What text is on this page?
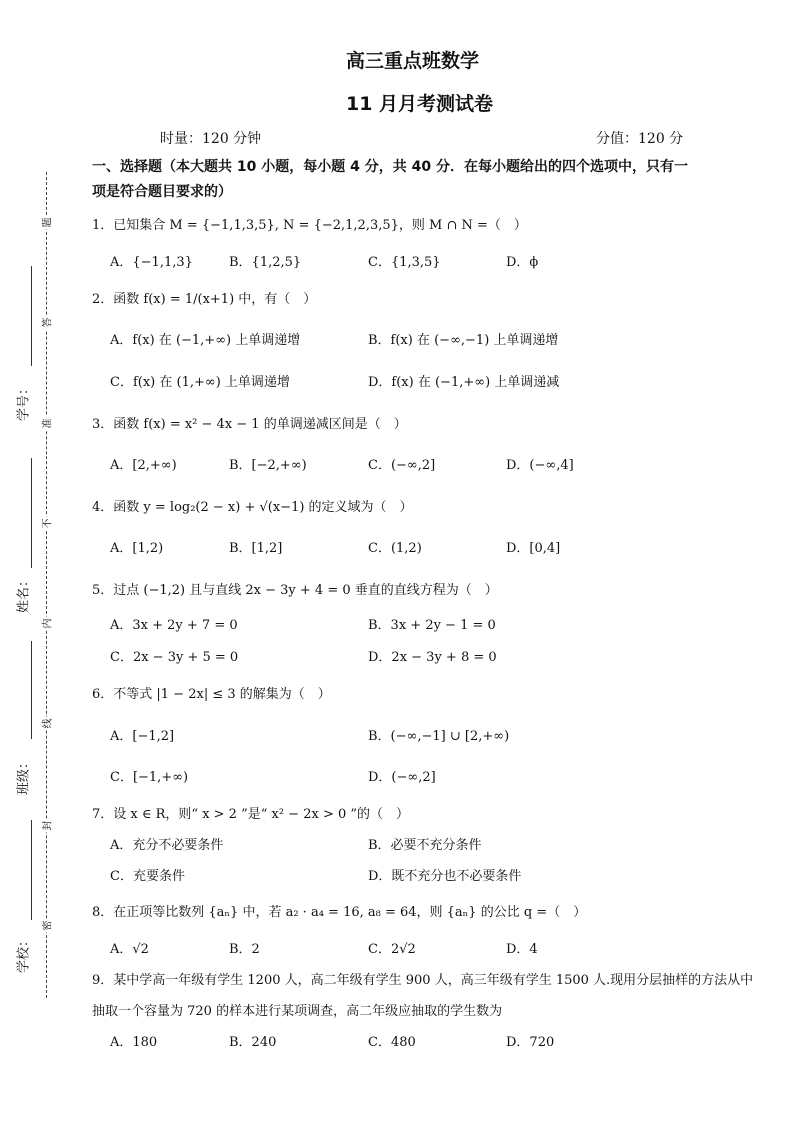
高三重点班数学
11 月月考测试卷
时量：120 分钟	分值：120 分
一、选择题（本大题共 10 小题，每小题 4 分，共 40 分．在每小题给出的四个选项中，只有一
项是符合题目要求的）
学号：
姓名：
班级：
学校：
题
答
准
不
内
线
封
密
1．已知集合 M = {−1,1,3,5}, N = {−2,1,2,3,5}，则 M ∩ N =（　）
A．{−1,1,3}	B．{1,2,5}	C．{1,3,5}	D．ϕ
2．函数 f(x) = 1/(x+1) 中，有（　）
A．f(x) 在 (−1,+∞) 上单调递增	B．f(x) 在 (−∞,−1) 上单调递增
C．f(x) 在 (1,+∞) 上单调递增	D．f(x) 在 (−1,+∞) 上单调递减
3．函数 f(x) = x² − 4x − 1 的单调递减区间是（　）
A．[2,+∞)	B．[−2,+∞)	C．(−∞,2]	D．(−∞,4]
4．函数 y = log₂(2 − x) + √(x−1) 的定义域为（　）
A．[1,2)	B．[1,2]	C．(1,2)	D．[0,4]
5．过点 (−1,2) 且与直线 2x − 3y + 4 = 0 垂直的直线方程为（　）
A．3x + 2y + 7 = 0	B．3x + 2y − 1 = 0
C．2x − 3y + 5 = 0	D．2x − 3y + 8 = 0
6．不等式 |1 − 2x| ≤ 3 的解集为（　）
A．[−1,2]	B．(−∞,−1] ∪ [2,+∞)
C．[−1,+∞)	D．(−∞,2]
7．设 x ∈ R，则“ x > 2 ”是“ x² − 2x > 0 ”的（　）
A．充分不必要条件	B．必要不充分条件
C．充要条件	D．既不充分也不必要条件
8．在正项等比数列 {aₙ} 中，若 a₂ · a₄ = 16, a₈ = 64，则 {aₙ} 的公比 q =（　）
A．√2	B．2	C．2√2	D．4
9．某中学高一年级有学生 1200 人，高二年级有学生 900 人，高三年级有学生 1500 人.现用分层抽样的方法从中
抽取一个容量为 720 的样本进行某项调查，高二年级应抽取的学生数为
A．180	B．240	C．480	D．720
